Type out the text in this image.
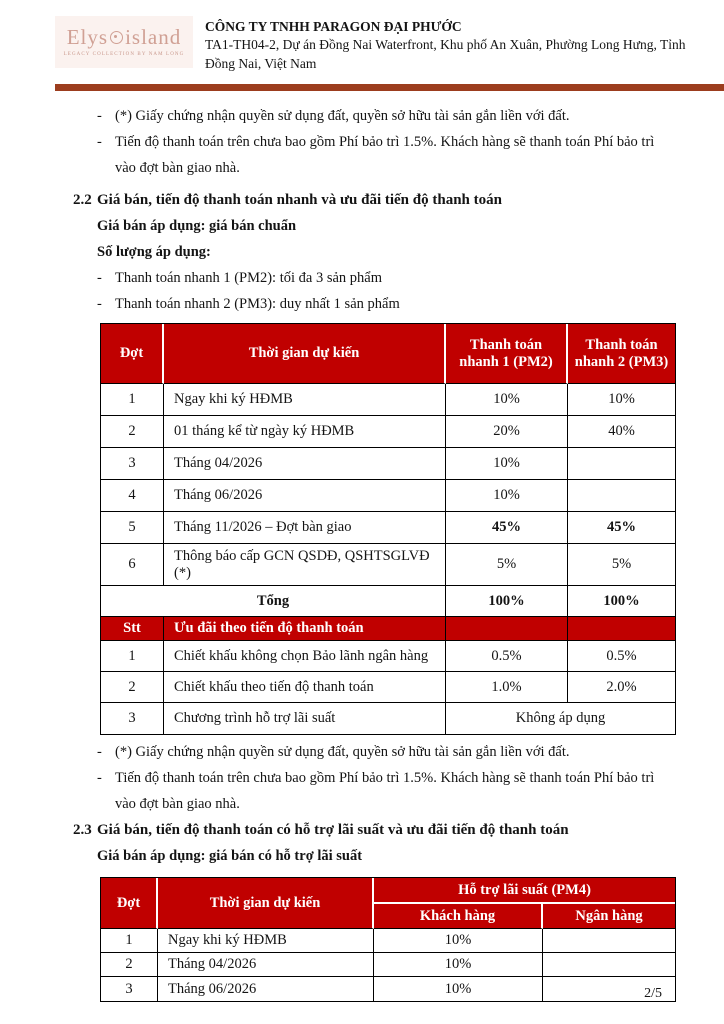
Elys island
LEGACY COLLECTION BY NAM LONG
CÔNG TY TNHH PARAGON ĐẠI PHƯỚC
TA1-TH04-2, Dự án Đồng Nai Waterfront, Khu phố An Xuân, Phường Long Hưng, Tỉnh
Đồng Nai, Việt Nam
- (*) Giấy chứng nhận quyền sử dụng đất, quyền sở hữu tài sản gắn liền với đất.
- Tiến độ thanh toán trên chưa bao gồm Phí bảo trì 1.5%. Khách hàng sẽ thanh toán Phí bảo trì vào đợt bàn giao nhà.
2.2 Giá bán, tiến độ thanh toán nhanh và ưu đãi tiến độ thanh toán
Giá bán áp dụng: giá bán chuẩn
Số lượng áp dụng:
- Thanh toán nhanh 1 (PM2): tối đa 3 sản phẩm
- Thanh toán nhanh 2 (PM3): duy nhất 1 sản phẩm
Đợt	Thời gian dự kiến	Thanh toán nhanh 1 (PM2)	Thanh toán nhanh 2 (PM3)
1	Ngay khi ký HĐMB	10%	10%
2	01 tháng kể từ ngày ký HĐMB	20%	40%
3	Tháng 04/2026	10%	
4	Tháng 06/2026	10%	
5	Tháng 11/2026 – Đợt bàn giao	45%	45%
6	Thông báo cấp GCN QSDĐ, QSHTSGLVĐ (*)	5%	5%
Tổng		100%	100%
Stt	Ưu đãi theo tiến độ thanh toán		
1	Chiết khấu không chọn Bảo lãnh ngân hàng	0.5%	0.5%
2	Chiết khấu theo tiến độ thanh toán	1.0%	2.0%
3	Chương trình hỗ trợ lãi suất	Không áp dụng	
- (*) Giấy chứng nhận quyền sử dụng đất, quyền sở hữu tài sản gắn liền với đất.
- Tiến độ thanh toán trên chưa bao gồm Phí bảo trì 1.5%. Khách hàng sẽ thanh toán Phí bảo trì vào đợt bàn giao nhà.
2.3 Giá bán, tiến độ thanh toán có hỗ trợ lãi suất và ưu đãi tiến độ thanh toán
Giá bán áp dụng: giá bán có hỗ trợ lãi suất
Đợt	Thời gian dự kiến	Hỗ trợ lãi suất (PM4)	
		Khách hàng	Ngân hàng
1	Ngay khi ký HĐMB	10%	
2	Tháng 04/2026	10%	
3	Tháng 06/2026	10%		2/5
